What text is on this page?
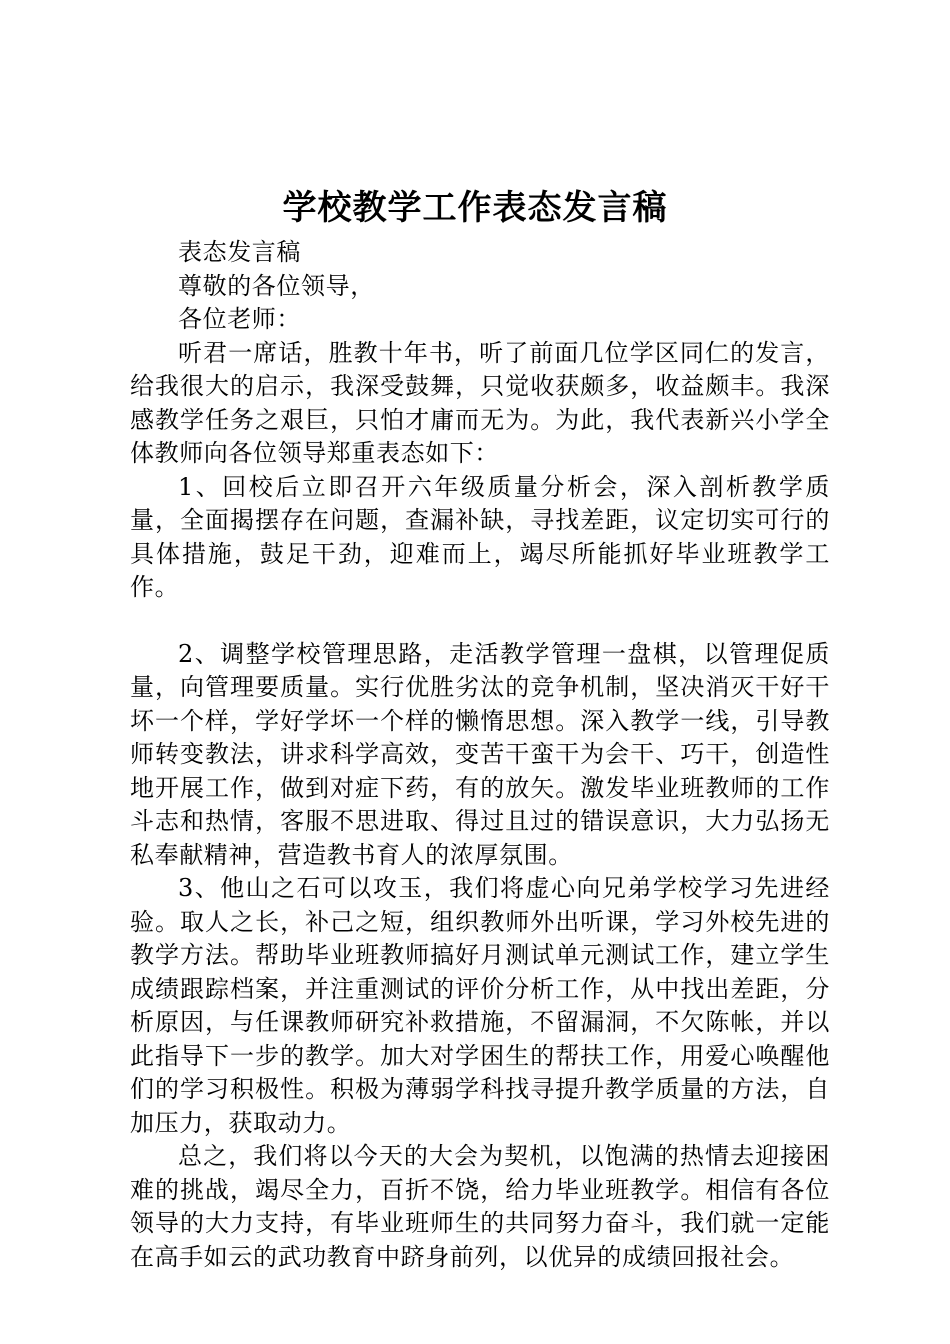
学校教学工作表态发言稿

表态发言稿

尊敬的各位领导，

各位老师：

听君一席话，胜教十年书，听了前面几位学区同仁的发言，给我很大的启示，我深受鼓舞，只觉收获颇多，收益颇丰。我深感教学任务之艰巨，只怕才庸而无为。为此，我代表新兴小学全体教师向各位领导郑重表态如下：

1、回校后立即召开六年级质量分析会，深入剖析教学质量，全面揭摆存在问题，查漏补缺，寻找差距，议定切实可行的具体措施，鼓足干劲，迎难而上，竭尽所能抓好毕业班教学工作。

2、调整学校管理思路，走活教学管理一盘棋，以管理促质量，向管理要质量。实行优胜劣汰的竞争机制，坚决消灭干好干坏一个样，学好学坏一个样的懒惰思想。深入教学一线，引导教师转变教法，讲求科学高效，变苦干蛮干为会干、巧干，创造性地开展工作，做到对症下药，有的放矢。激发毕业班教师的工作斗志和热情，客服不思进取、得过且过的错误意识，大力弘扬无私奉献精神，营造教书育人的浓厚氛围。

3、他山之石可以攻玉，我们将虚心向兄弟学校学习先进经验。取人之长，补己之短，组织教师外出听课，学习外校先进的教学方法。帮助毕业班教师搞好月测试单元测试工作，建立学生成绩跟踪档案，并注重测试的评价分析工作，从中找出差距，分析原因，与任课教师研究补救措施，不留漏洞，不欠陈帐，并以此指导下一步的教学。加大对学困生的帮扶工作，用爱心唤醒他们的学习积极性。积极为薄弱学科找寻提升教学质量的方法，自加压力，获取动力。

总之，我们将以今天的大会为契机，以饱满的热情去迎接困难的挑战，竭尽全力，百折不饶，给力毕业班教学。相信有各位领导的大力支持，有毕业班师生的共同努力奋斗，我们就一定能在高手如云的武功教育中跻身前列，以优异的成绩回报社会。
